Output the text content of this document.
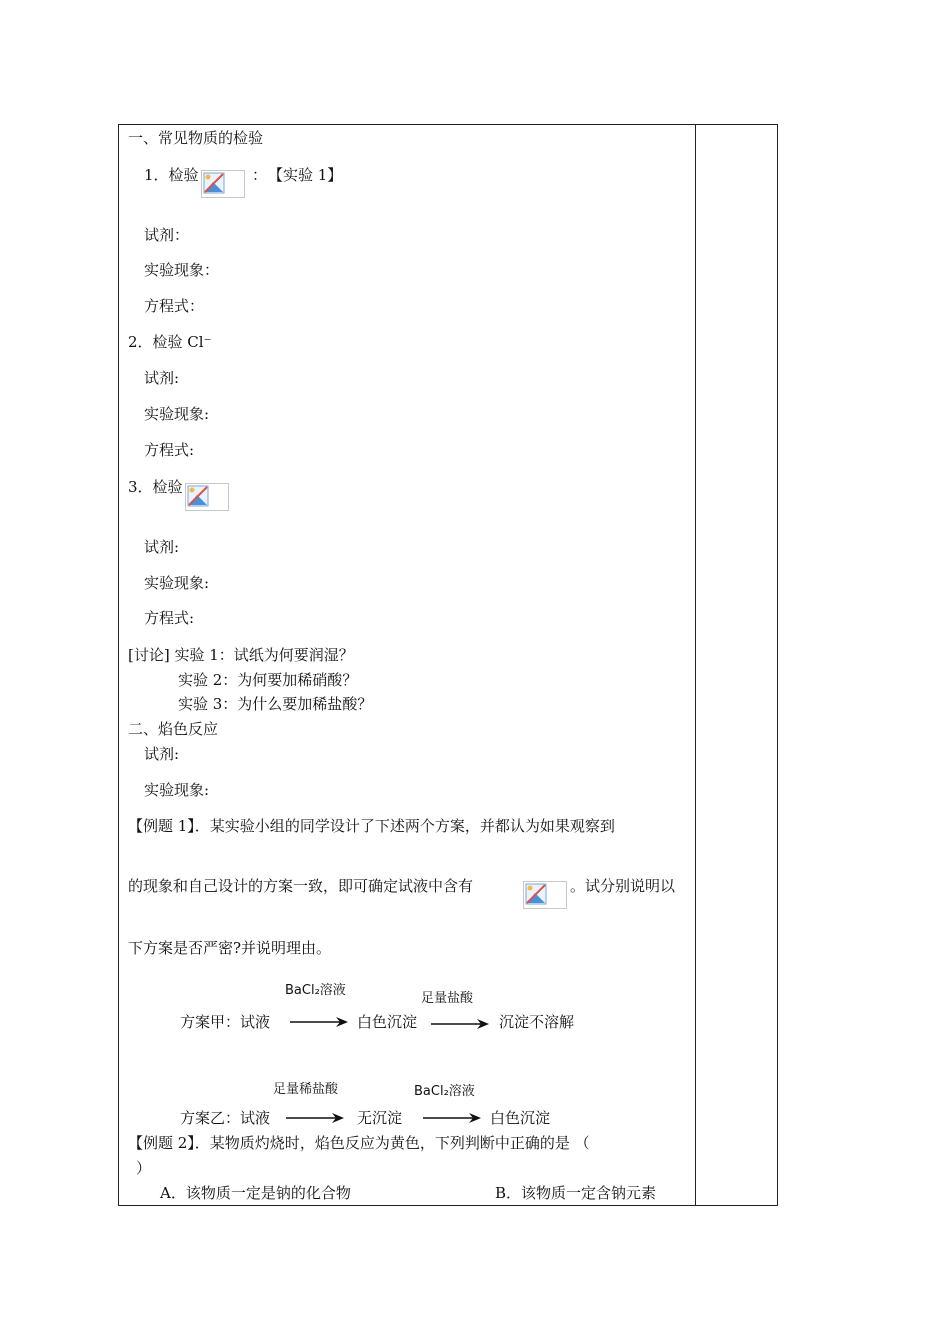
一、常见物质的检验
1．检验	： 【实验 1】
试剂：
实验现象：
方程式：
2．检验 Cl⁻
试剂:
实验现象:
方程式:
3．检验
试剂:
实验现象:
方程式:
[讨论] 实验 1：试纸为何要润湿？
实验 2：为何要加稀硝酸？
实验 3：为什么要加稀盐酸？
二、焰色反应
试剂:
实验现象:
【例题 1】．某实验小组的同学设计了下述两个方案，并都认为如果观察到
的现象和自己设计的方案一致，即可确定试液中含有	。试分别说明以
下方案是否严密?并说明理由。
BaCl₂溶液
足量盐酸
方案甲：试液	白色沉淀	沉淀不溶解
足量稀盐酸	BaCl₂溶液
方案乙：试液	无沉淀	白色沉淀
【例题 2】．某物质灼烧时，焰色反应为黄色，下列判断中正确的是 （
）
A．该物质一定是钠的化合物	B．该物质一定含钠元素
